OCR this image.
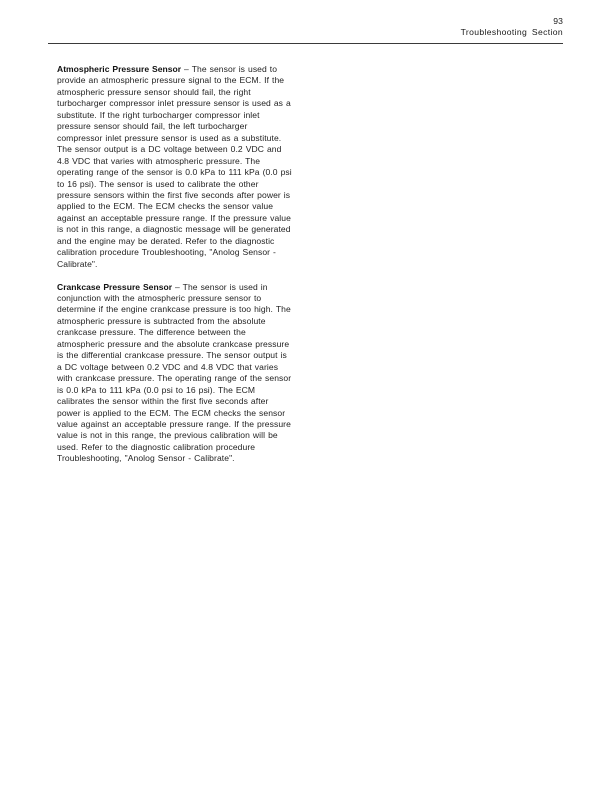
93
Troubleshooting Section

Atmospheric Pressure Sensor – The sensor is used to provide an atmospheric pressure signal to the ECM. If the atmospheric pressure sensor should fail, the right turbocharger compressor inlet pressure sensor is used as a substitute. If the right turbocharger compressor inlet pressure sensor should fail, the left turbocharger compressor inlet pressure sensor is used as a substitute. The sensor output is a DC voltage between 0.2 VDC and 4.8 VDC that varies with atmospheric pressure. The operating range of the sensor is 0.0 kPa to 111 kPa (0.0 psi to 16 psi). The sensor is used to calibrate the other pressure sensors within the first five seconds after power is applied to the ECM. The ECM checks the sensor value against an acceptable pressure range. If the pressure value is not in this range, a diagnostic message will be generated and the engine may be derated. Refer to the diagnostic calibration procedure Troubleshooting, "Anolog Sensor - Calibrate".

Crankcase Pressure Sensor – The sensor is used in conjunction with the atmospheric pressure sensor to determine if the engine crankcase pressure is too high. The atmospheric pressure is subtracted from the absolute crankcase pressure. The difference between the atmospheric pressure and the absolute crankcase pressure is the differential crankcase pressure. The sensor output is a DC voltage between 0.2 VDC and 4.8 VDC that varies with crankcase pressure. The operating range of the sensor is 0.0 kPa to 111 kPa (0.0 psi to 16 psi). The ECM calibrates the sensor within the first five seconds after power is applied to the ECM. The ECM checks the sensor value against an acceptable pressure range. If the pressure value is not in this range, the previous calibration will be used. Refer to the diagnostic calibration procedure Troubleshooting, "Anolog Sensor - Calibrate".
